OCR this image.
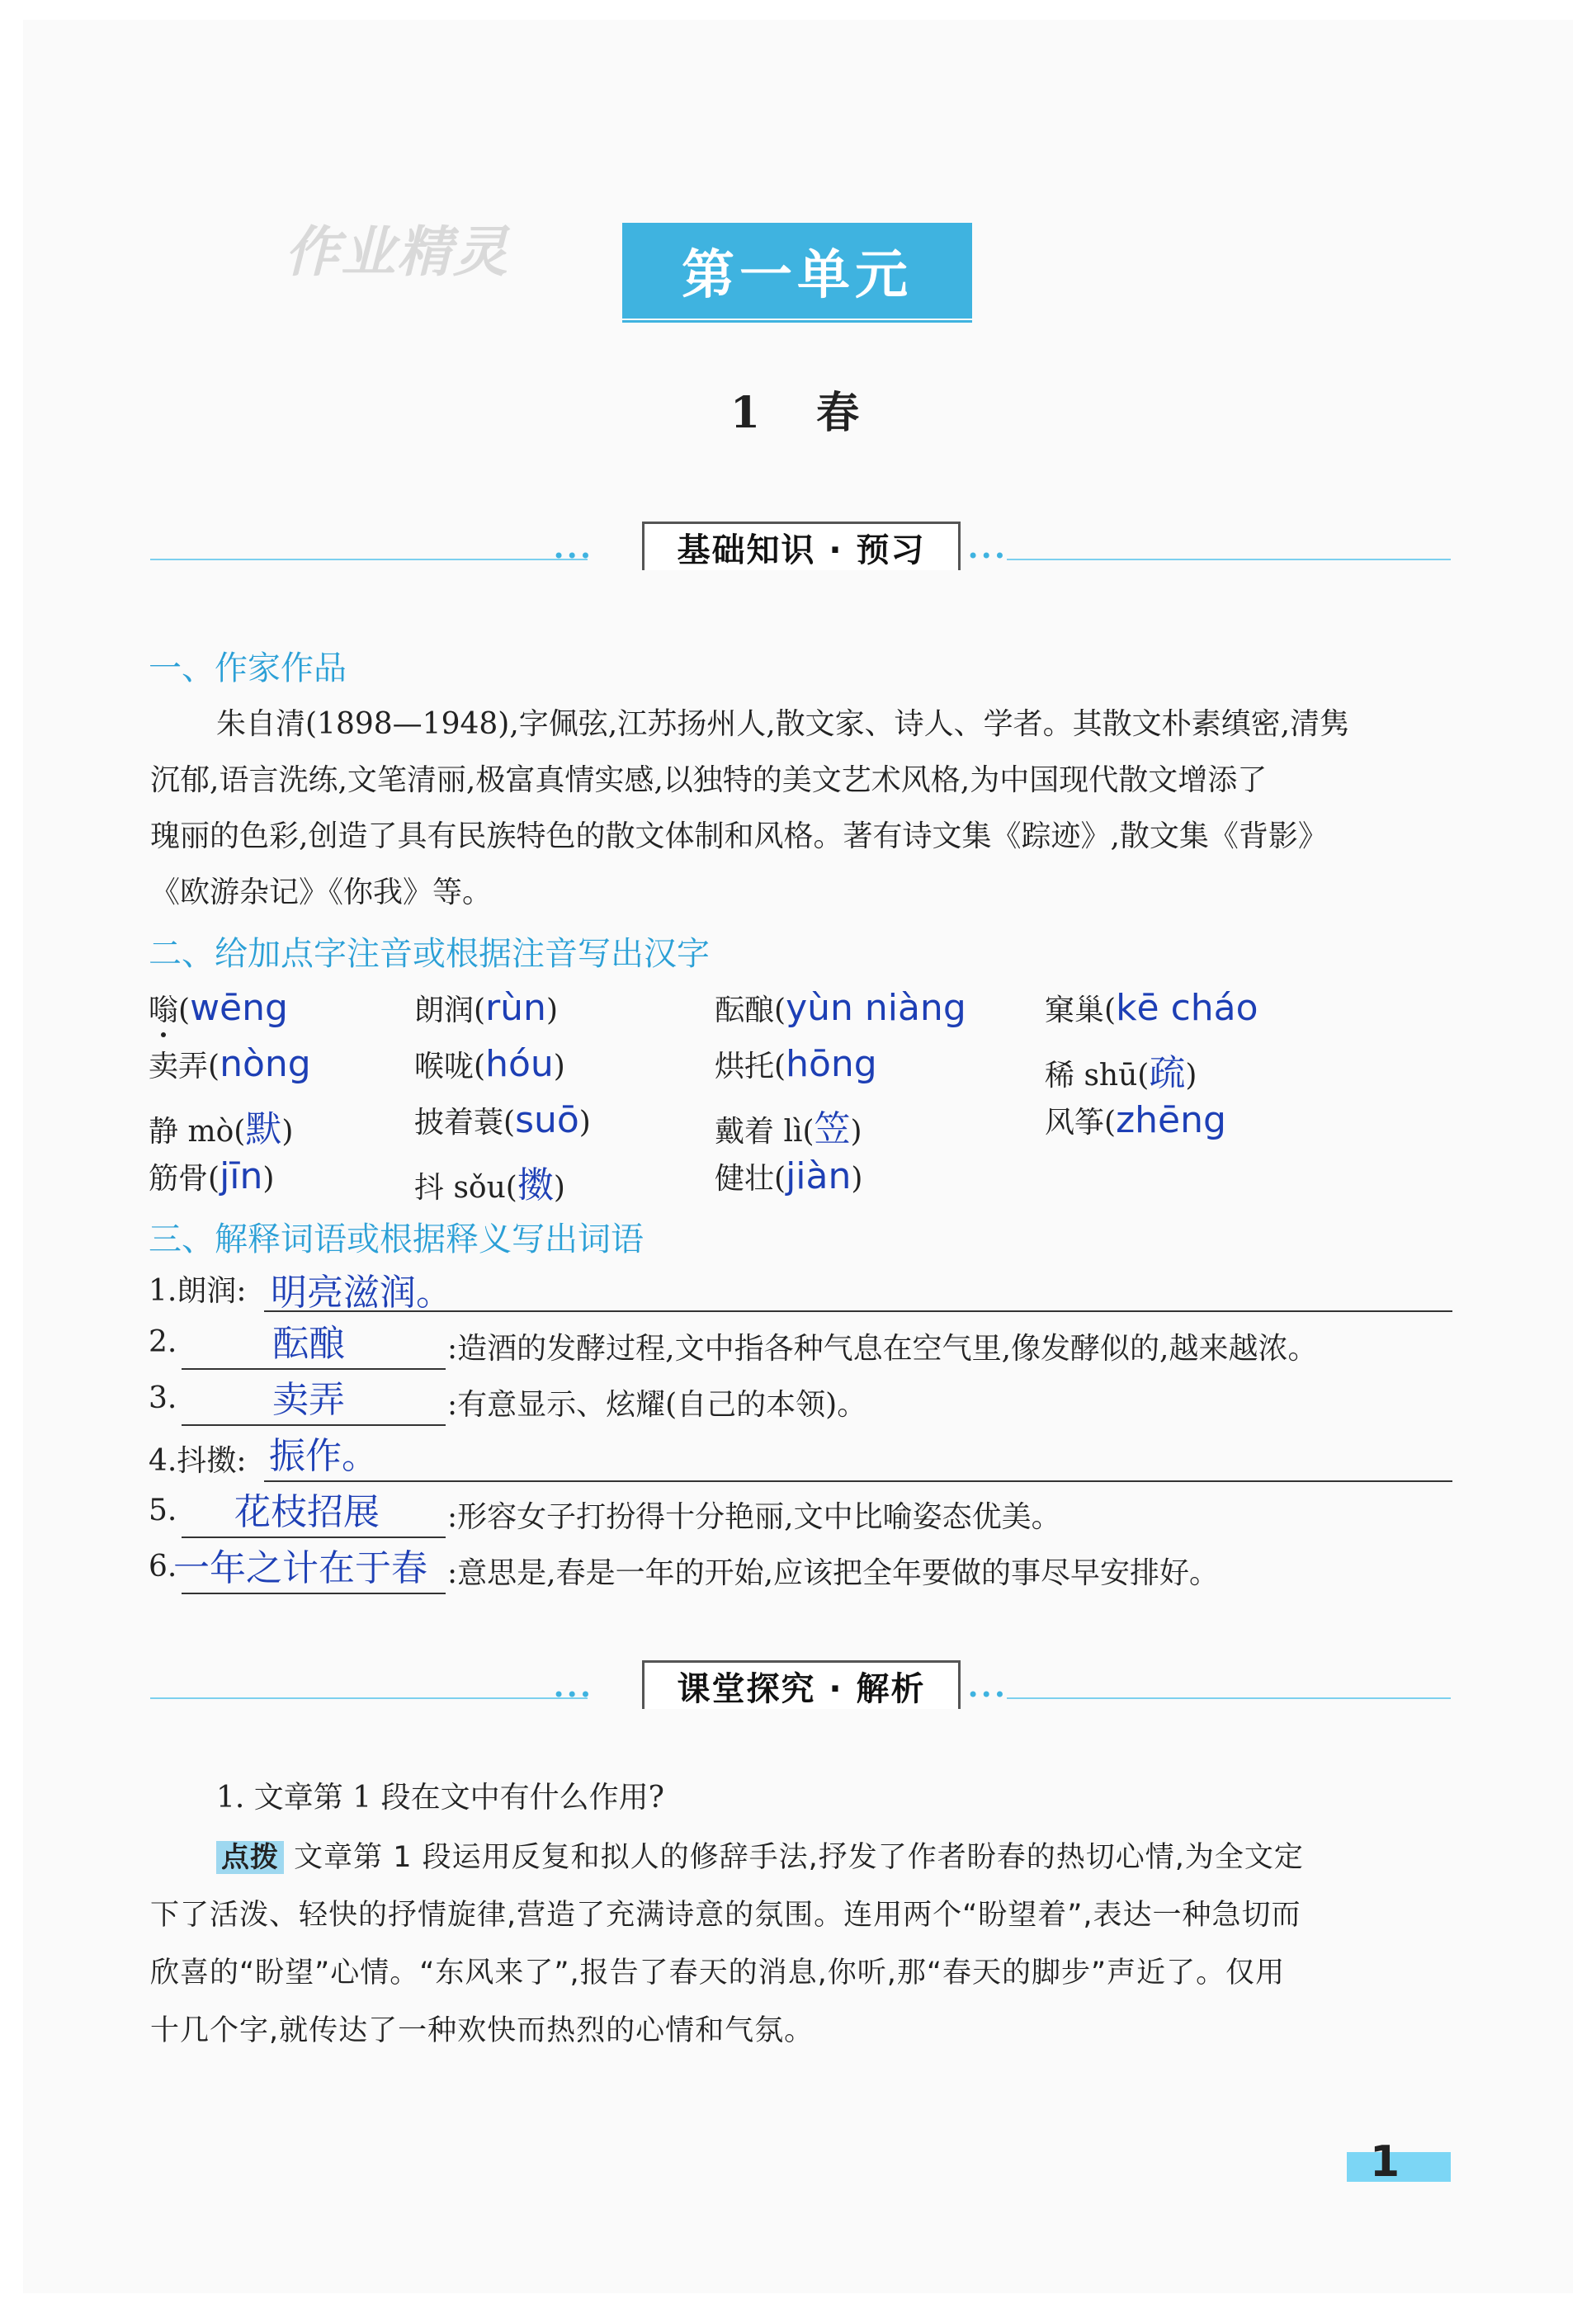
作业精灵	第一单元
1　春
•••	基础知识 · 预习	•••
一、作家作品
朱自清(1898—1948),字佩弦,江苏扬州人,散文家、诗人、学者。其散文朴素缜密,清隽
沉郁,语言洗练,文笔清丽,极富真情实感,以独特的美文艺术风格,为中国现代散文增添了
瑰丽的色彩,创造了具有民族特色的散文体制和风格。著有诗文集《踪迹》,散文集《背影》
《欧游杂记》《你我》等。
二、给加点字注音或根据注音写出汉字
嗡(wēng	朗润(rùn)	酝酿(yùn niàng	窠巢(kē cháo
卖弄(nòng	喉咙(hóu)	烘托(hōng	稀 shū(疏)
静 mò(默)	披着蓑(suō)	戴着 lì(笠)	风筝(zhēng
筋骨(jīn)	抖 sǒu(擞)	健壮(jiàn)
三、解释词语或根据释义写出词语
1.朗润: 明亮滋润。
2.	酝酿	:造酒的发酵过程,文中指各种气息在空气里,像发酵似的,越来越浓。
3.	卖弄	:有意显示、炫耀(自己的本领)。
4.抖擞: 振作。
5. 花枝招展 :形容女子打扮得十分艳丽,文中比喻姿态优美。
6.
一年之计在于春 :意思是,春是一年的开始,应该把全年要做的事尽早安排好。
•••	课堂探究 · 解析	•••
1. 文章第 1 段在文中有什么作用?
点拨 文章第 1 段运用反复和拟人的修辞手法,抒发了作者盼春的热切心情,为全文定
下了活泼、轻快的抒情旋律,营造了充满诗意的氛围。连用两个“盼望着”,表达一种急切而
欣喜的“盼望”心情。“东风来了”,报告了春天的消息,你听,那“春天的脚步”声近了。仅用
十几个字,就传达了一种欢快而热烈的心情和气氛。
1
